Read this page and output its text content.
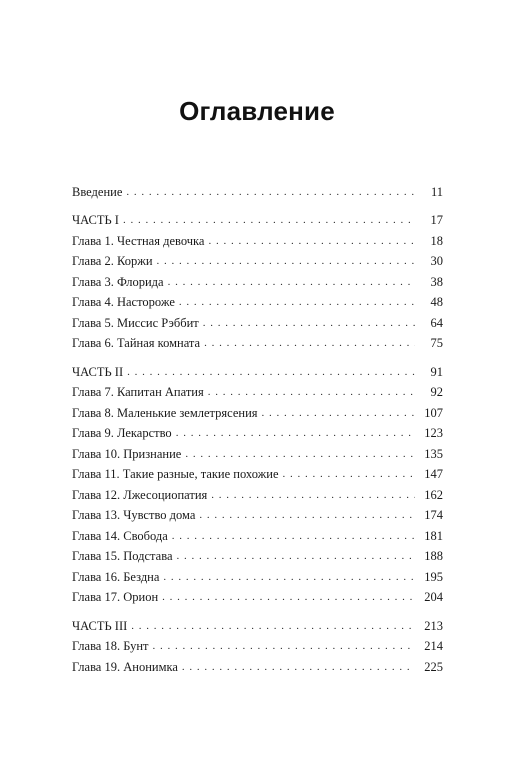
Оглавление
Введение . . .	11
ЧАСТЬ I . . .	17
Глава 1. Честная девочка . . .	18
Глава 2. Коржи . . .	30
Глава 3. Флорида . . .	38
Глава 4. Настороже . . .	48
Глава 5. Миссис Рэббит . . .	64
Глава 6. Тайная комната . . .	75
ЧАСТЬ II . . .	91
Глава 7. Капитан Апатия . . .	92
Глава 8. Маленькие землетрясения . . .	107
Глава 9. Лекарство . . .	123
Глава 10. Признание . . .	135
Глава 11. Такие разные, такие похожие . . .	147
Глава 12. Лжесоциопатия . . .	162
Глава 13. Чувство дома . . .	174
Глава 14. Свобода . . .	181
Глава 15. Подстава . . .	188
Глава 16. Бездна . . .	195
Глава 17. Орион . . .	204
ЧАСТЬ III . . .	213
Глава 18. Бунт . . .	214
Глава 19. Анонимка . . .	225
